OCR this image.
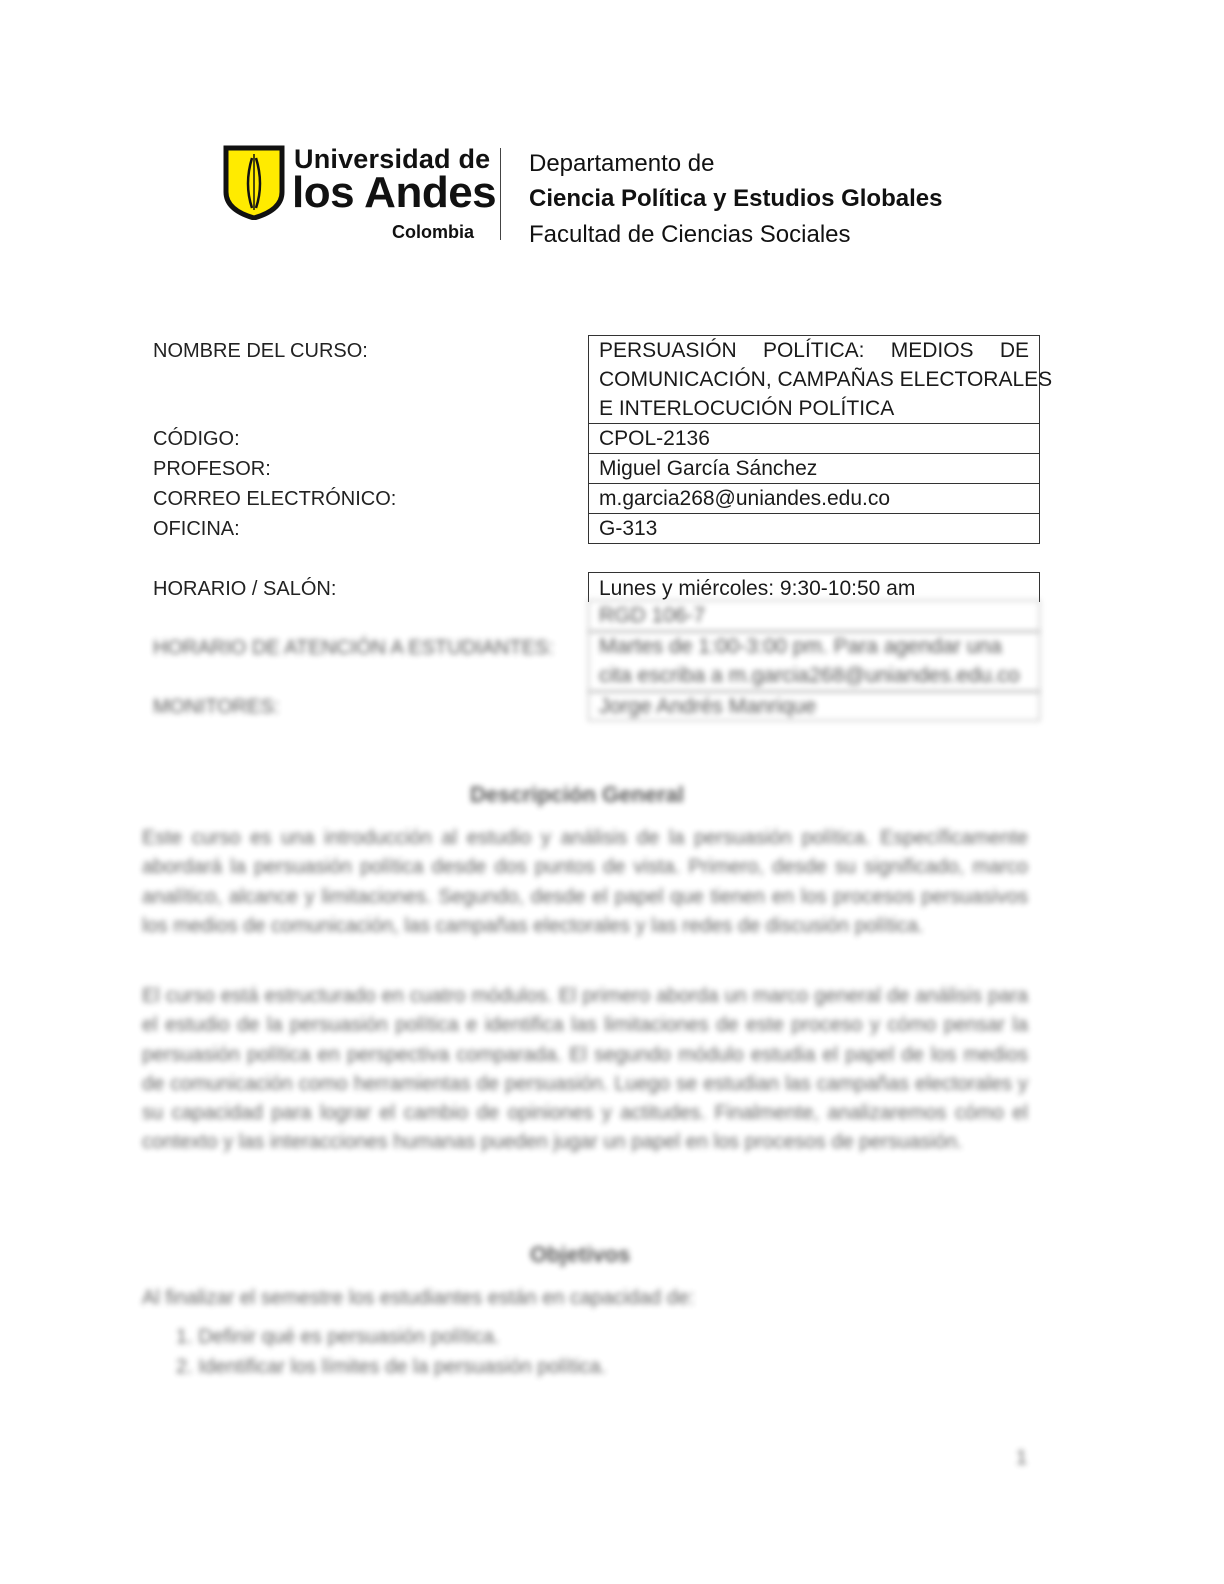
Universidad de
los Andes
Colombia
Departamento de
Ciencia Política y Estudios Globales
Facultad de Ciencias Sociales
NOMBRE DEL CURSO:
CÓDIGO:
PROFESOR:
CORREO ELECTRÓNICO:
OFICINA:
HORARIO / SALÓN:
HORARIO DE ATENCIÓN A ESTUDIANTES:
MONITORES:
PERSUASIÓN POLÍTICA: MEDIOS DE
COMUNICACIÓN, CAMPAÑAS ELECTORALES
E INTERLOCUCIÓN POLÍTICA
CPOL-2136
Miguel García Sánchez
m.garcia268@uniandes.edu.co
G-313
Lunes y miércoles: 9:30-10:50 am
RGD 106-7
Martes de 1:00-3:00 pm. Para agendar una
cita escriba a m.garcia268@uniandes.edu.co
Jorge Andrés Manrique
Descripción General
Este curso es una introducción al estudio y análisis de la persuasión política. Específicamente abordará la persuasión política desde dos puntos de vista. Primero, desde su significado, marco analítico, alcance y limitaciones. Segundo, desde el papel que tienen en los procesos persuasivos los medios de comunicación, las campañas electorales y las redes de discusión política.
El curso está estructurado en cuatro módulos. El primero aborda un marco general de análisis para el estudio de la persuasión política e identifica las limitaciones de este proceso y cómo pensar la persuasión política en perspectiva comparada. El segundo módulo estudia el papel de los medios de comunicación como herramientas de persuasión. Luego se estudian las campañas electorales y su capacidad para lograr el cambio de opiniones y actitudes. Finalmente, analizaremos cómo el contexto y las interacciones humanas pueden jugar un papel en los procesos de persuasión.
Objetivos
Al finalizar el semestre los estudiantes están en capacidad de:
1. Definir qué es persuasión política.
2. Identificar los límites de la persuasión política.
1
